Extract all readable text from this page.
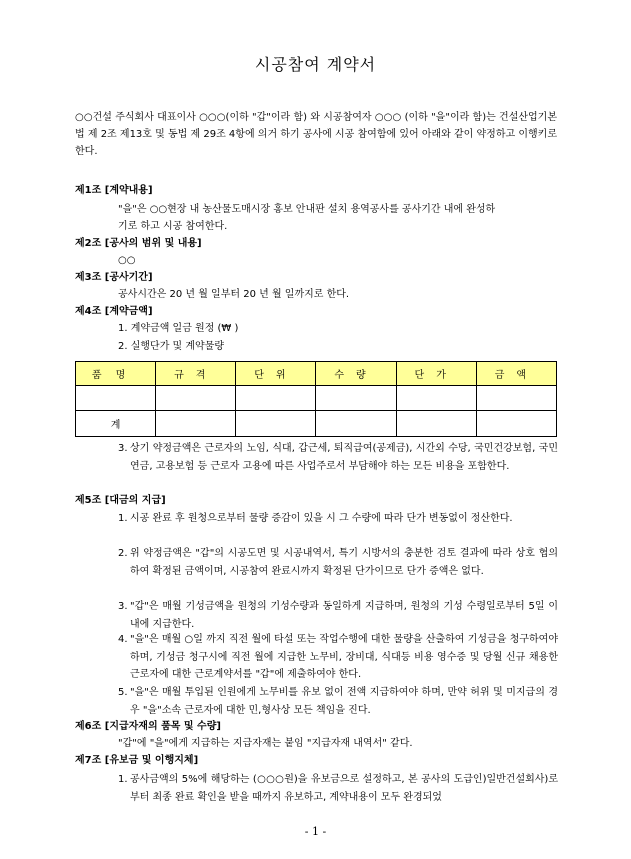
시공참여 계약서
○○건설 주식회사 대표이사 ○○○(이하 "갑"이라 함) 와 시공참여자 ○○○ (이하 "을"이라 함)는 건설산업기본법 제 2조 제13호 및 동법 제 29조 4항에 의거 하기 공사에 시공 참여함에 있어 아래와 같이 약정하고 이행키로 한다.
제1조 [계약내용]
"을"은 ○○현장 내 농산물도매시장 홍보 안내판 설치 용역공사를 공사기간 내에 완성하
기로 하고 시공 참여한다.
제2조 [공사의 범위 및 내용]
○○
제3조 [공사기간]
공사시간은 20 년 월 일부터 20 년 월 일까지로 한다.
제4조 [계약금액]
1. 계약금액 일금 원정 (₩ )
2. 실행단가 및 계약물량
품명	규격	단위	수량	단가	금액

계					
3. 상기 약정금액은 근로자의 노임, 식대, 갑근세, 퇴직급여(공제금), 시간외 수당, 국민건강보험, 국민연금, 고용보험 등 근로자 고용에 따른 사업주로서 부담해야 하는 모든 비용을 포함한다.
제5조 [대금의 지급]
1. 시공 완료 후 원청으로부터 물량 증감이 있을 시 그 수량에 따라 단가 변동없이 정산한다.
2. 위 약정금액은 "갑"의 시공도면 및 시공내역서, 특기 시방서의 충분한 검토 결과에 따라 상호 협의하여 확정된 금액이며, 시공참여 완료시까지 확정된 단가이므로 단가 증액은 없다.
3. "갑"은 매월 기성금액을 원청의 기성수량과 동일하게 지급하며, 원청의 기성 수령일로부터 5일 이내에 지급한다.
4. "을"은 매월 ○일 까지 직전 월에 타설 또는 작업수행에 대한 물량을 산출하여 기성금을 청구하여야 하며, 기성금 청구시에 직전 월에 지급한 노무비, 장비대, 식대등 비용 영수증 및 당월 신규 채용한 근로자에 대한 근로계약서를 "갑"에 제출하여야 한다.
5. "을"은 매월 투입된 인원에게 노무비를 유보 없이 전액 지급하여야 하며, 만약 허위 및 미지급의 경우 "을"소속 근로자에 대한 민,형사상 모든 책임을 진다.
제6조 [지급자재의 품목 및 수량]
"갑"에 "을"에게 지급하는 지급자재는 붙임 "지급자재 내역서" 같다.
제7조 [유보금 및 이행지체]
1. 공사금액의 5%에 해당하는 (○○○원)을 유보금으로 설정하고, 본 공사의 도급인)일반건설회사)로부터 최종 완료 확인을 받을 때까지 유보하고, 계약내용이 모두 완경되었
- 1 -
